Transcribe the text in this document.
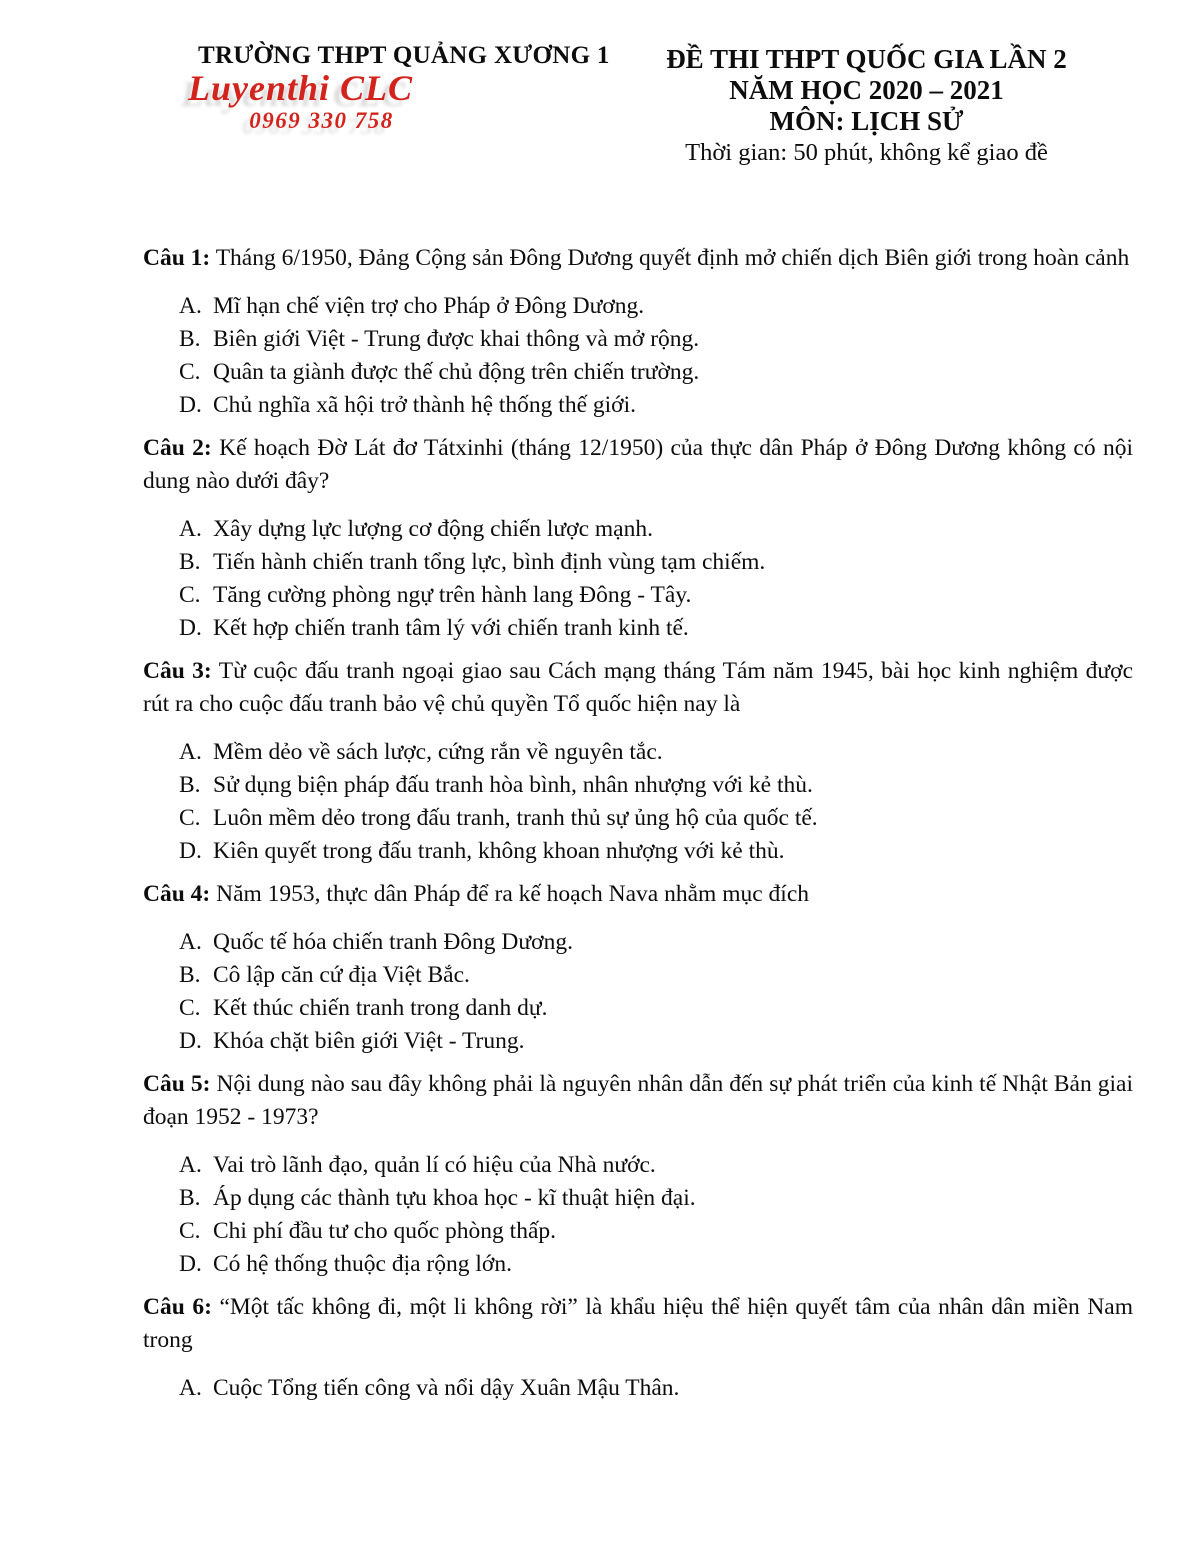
TRƯỜNG THPT QUẢNG XƯƠNG 1
Luyenthi CLC
0969 330 758
ĐỀ THI THPT QUỐC GIA LẦN 2
NĂM HỌC 2020 – 2021
MÔN: LỊCH SỬ
Thời gian: 50 phút, không kể giao đề

Câu 1: Tháng 6/1950, Đảng Cộng sản Đông Dương quyết định mở chiến dịch Biên giới trong hoàn cảnh

A. Mĩ hạn chế viện trợ cho Pháp ở Đông Dương.
B. Biên giới Việt - Trung được khai thông và mở rộng.
C. Quân ta giành được thế chủ động trên chiến trường.
D. Chủ nghĩa xã hội trở thành hệ thống thế giới.

Câu 2: Kế hoạch Đờ Lát đơ Tátxinhi (tháng 12/1950) của thực dân Pháp ở Đông Dương không có nội dung nào dưới đây?

A. Xây dựng lực lượng cơ động chiến lược mạnh.
B. Tiến hành chiến tranh tổng lực, bình định vùng tạm chiếm.
C. Tăng cường phòng ngự trên hành lang Đông - Tây.
D. Kết hợp chiến tranh tâm lý với chiến tranh kinh tế.

Câu 3: Từ cuộc đấu tranh ngoại giao sau Cách mạng tháng Tám năm 1945, bài học kinh nghiệm được rút ra cho cuộc đấu tranh bảo vệ chủ quyền Tổ quốc hiện nay là

A. Mềm dẻo về sách lược, cứng rắn về nguyên tắc.
B. Sử dụng biện pháp đấu tranh hòa bình, nhân nhượng với kẻ thù.
C. Luôn mềm dẻo trong đấu tranh, tranh thủ sự ủng hộ của quốc tế.
D. Kiên quyết trong đấu tranh, không khoan nhượng với kẻ thù.

Câu 4: Năm 1953, thực dân Pháp để ra kế hoạch Nava nhằm mục đích

A. Quốc tế hóa chiến tranh Đông Dương.
B. Cô lập căn cứ địa Việt Bắc.
C. Kết thúc chiến tranh trong danh dự.
D. Khóa chặt biên giới Việt - Trung.

Câu 5: Nội dung nào sau đây không phải là nguyên nhân dẫn đến sự phát triển của kinh tế Nhật Bản giai đoạn 1952 - 1973?

A. Vai trò lãnh đạo, quản lí có hiệu của Nhà nước.
B. Áp dụng các thành tựu khoa học - kĩ thuật hiện đại.
C. Chi phí đầu tư cho quốc phòng thấp.
D. Có hệ thống thuộc địa rộng lớn.

Câu 6: “Một tấc không đi, một li không rời” là khẩu hiệu thể hiện quyết tâm của nhân dân miền Nam trong

A. Cuộc Tổng tiến công và nổi dậy Xuân Mậu Thân.
